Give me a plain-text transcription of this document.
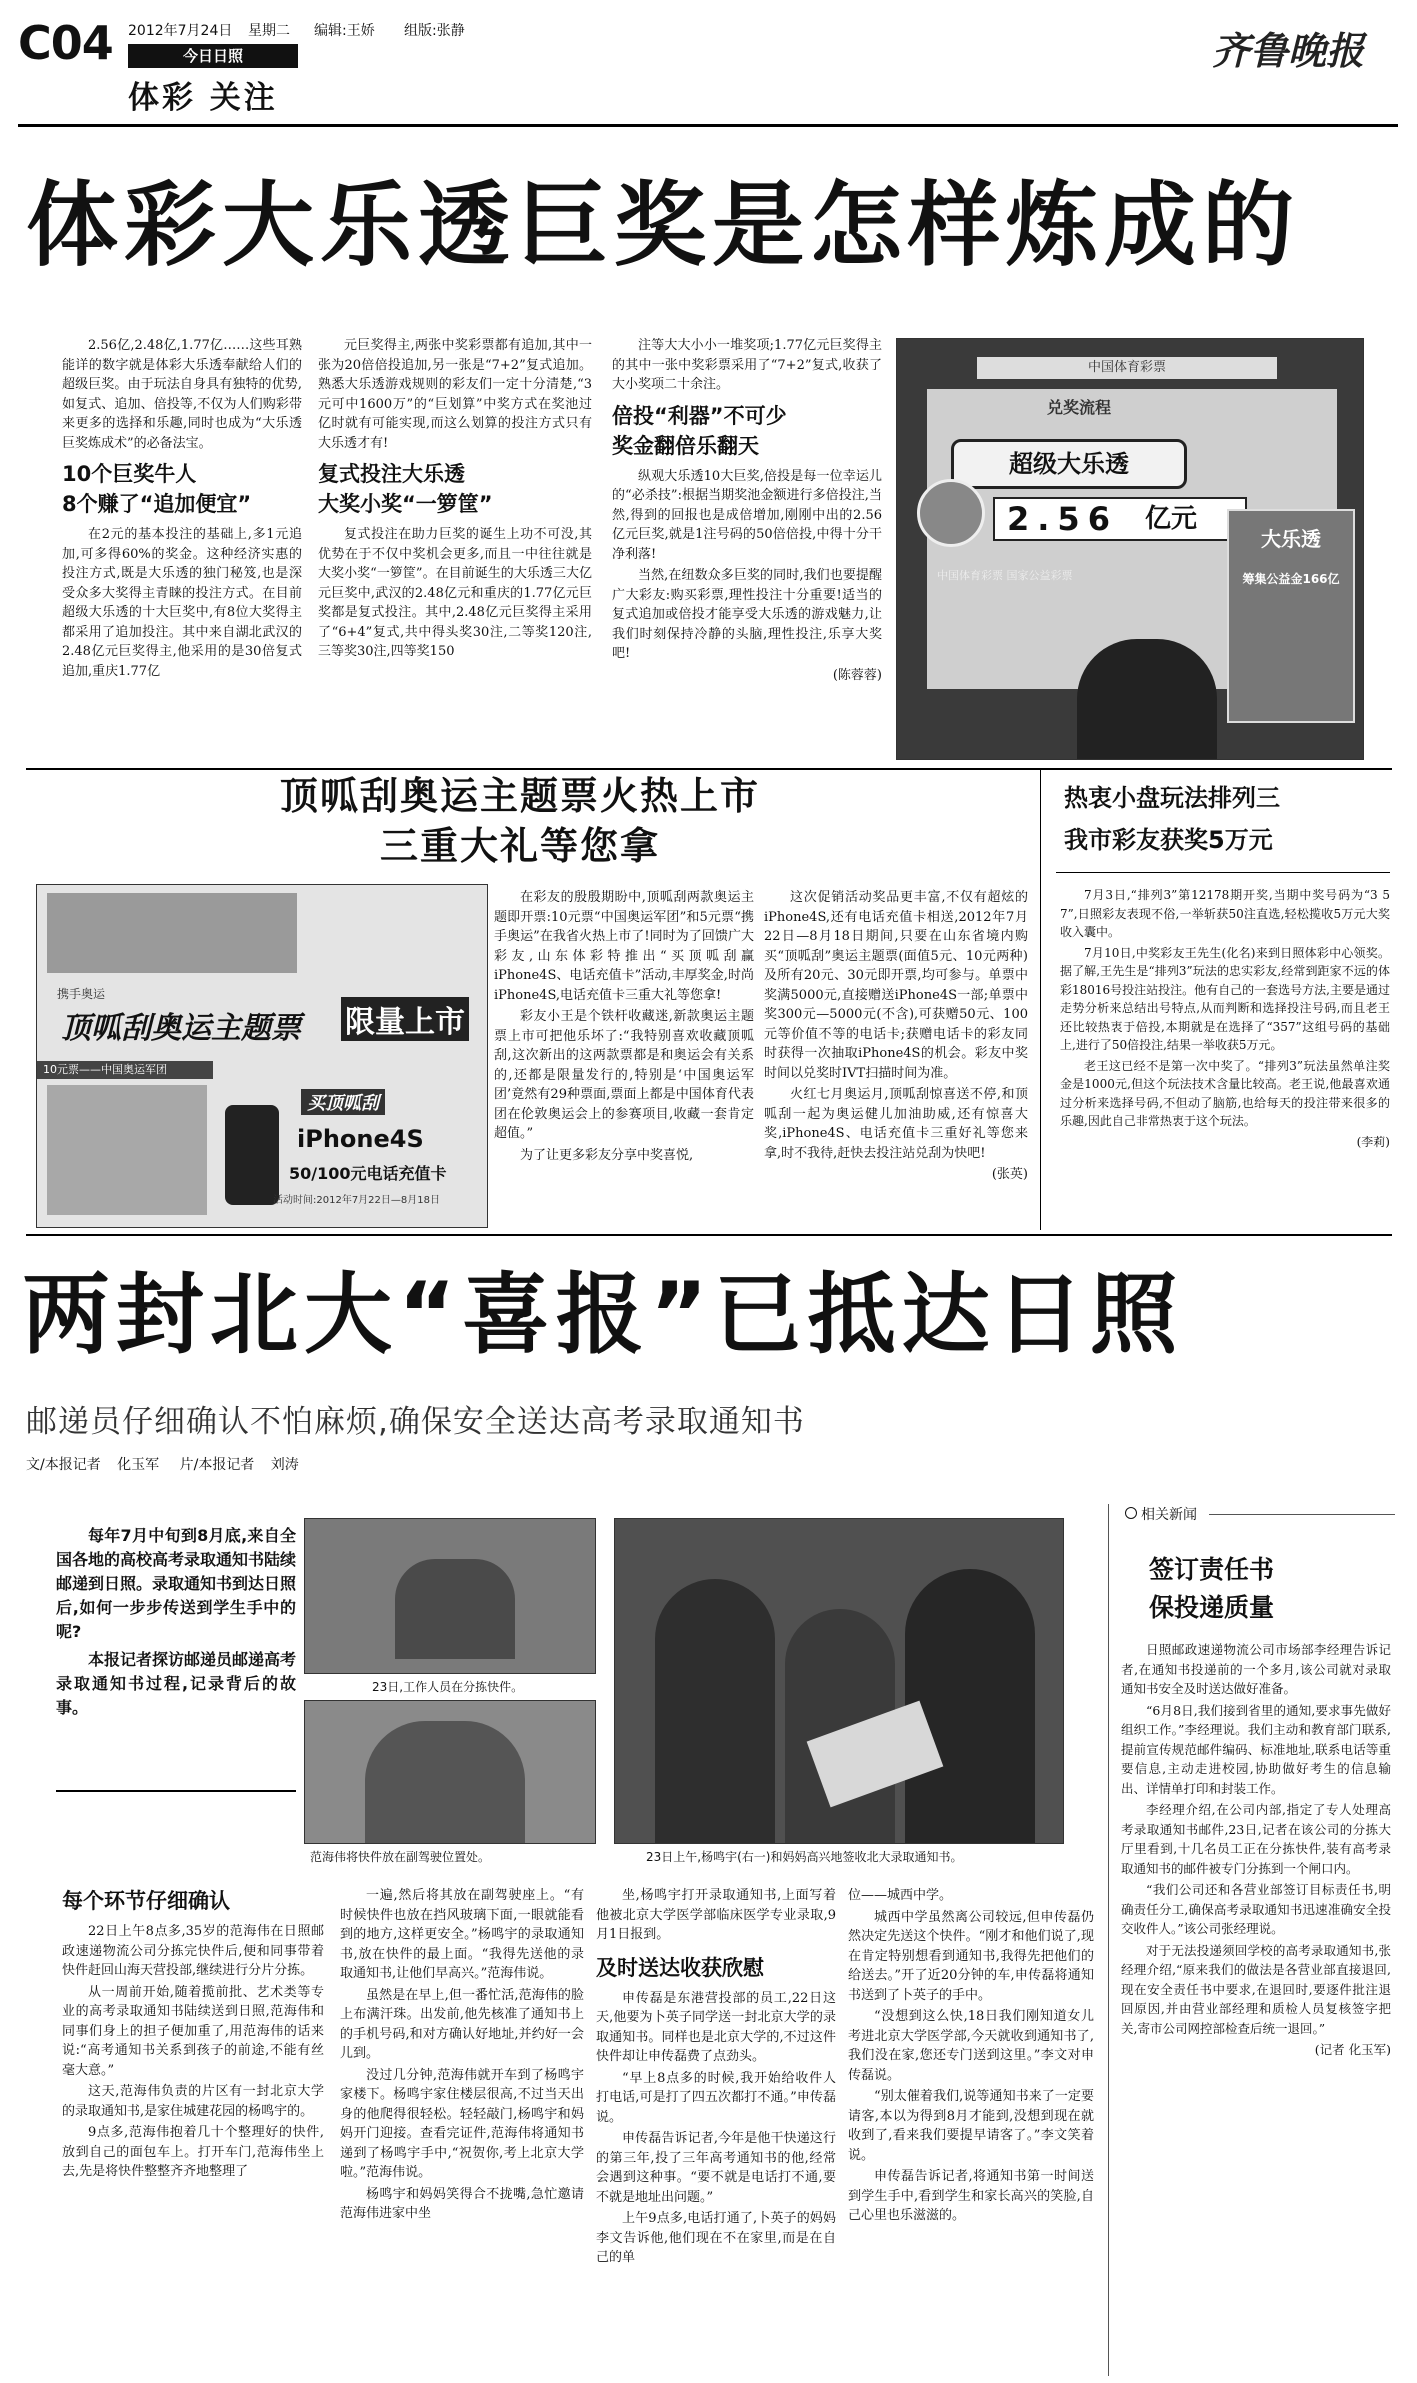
C04 2012年7月24日 星期二 编辑:王娇 组版:张静
今日日照
体彩 关注
齐鲁晚报
体彩大乐透巨奖是怎样炼成的

2.56亿,2.48亿,1.77亿……这些耳熟能详的数字就是体彩大乐透奉献给人们的超级巨奖。由于玩法自身具有独特的优势,如复式、追加、倍投等,不仅为人们购彩带来更多的选择和乐趣,同时也成为“大乐透巨奖炼成术”的必备法宝。

10个巨奖牛人
8个赚了“追加便宜”

在2元的基本投注的基础上,多1元追加,可多得60%的奖金。这种经济实惠的投注方式,既是大乐透的独门秘笈,也是深受众多大奖得主青睐的投注方式。在目前超级大乐透的十大巨奖中,有8位大奖得主都采用了追加投注。其中来自湖北武汉的2.48亿元巨奖得主,他采用的是30倍复式追加,重庆1.77亿

元巨奖得主,两张中奖彩票都有追加,其中一张为20倍倍投追加,另一张是“7+2”复式追加。熟悉大乐透游戏规则的彩友们一定十分清楚,“3元可中1600万”的“巨划算”中奖方式在奖池过亿时就有可能实现,而这么划算的投注方式只有大乐透才有!

复式投注大乐透
大奖小奖“一箩筐”

复式投注在助力巨奖的诞生上功不可没,其优势在于不仅中奖机会更多,而且一中往往就是大奖小奖“一箩筐”。在目前诞生的大乐透三大亿元巨奖中,武汉的2.48亿元和重庆的1.77亿元巨奖都是复式投注。其中,2.48亿元巨奖得主采用了“6+4”复式,共中得头奖30注,二等奖120注,三等奖30注,四等奖150

注等大大小小一堆奖项;1.77亿元巨奖得主的其中一张中奖彩票采用了“7+2”复式,收获了大小奖项二十余注。

倍投“利器”不可少
奖金翻倍乐翻天

纵观大乐透10大巨奖,倍投是每一位幸运儿的“必杀技”:根据当期奖池金额进行多倍投注,当然,得到的回报也是成倍增加,刚刚中出的2.56亿元巨奖,就是1注号码的50倍倍投,中得十分干净利落!

当然,在纽数众多巨奖的同时,我们也要提醒广大彩友:购买彩票,理性投注十分重要!适当的复式追加或倍投才能享受大乐透的游戏魅力,让我们时刻保持冷静的头脑,理性投注,乐享大奖吧!

(陈蓉蓉)
中国体育彩票
兑奖流程
超级大乐透
2.56 亿元
大乐透
筹集公益金166亿
中国体育彩票 国家公益彩票
顶呱刮奥运主题票火热上市
三重大礼等您拿
携手奥运
顶呱刮奥运主题票 限量上市
10元票——中国奥运军团
买顶呱刮
iPhone4S
50/100元电话充值卡
活动时间:2012年7月22日—8月18日

在彩友的殷殷期盼中,顶呱刮两款奥运主题即开票:10元票“中国奥运军团”和5元票“携手奥运”在我省火热上市了!同时为了回馈广大彩友,山东体彩特推出“买顶呱刮赢iPhone4S、电话充值卡”活动,丰厚奖金,时尚iPhone4S,电话充值卡三重大礼等您拿!

彩友小王是个铁杆收藏迷,新款奥运主题票上市可把他乐坏了:“我特别喜欢收藏顶呱刮,这次新出的这两款票都是和奥运会有关系的,还都是限量发行的,特别是‘中国奥运军团’竟然有29种票面,票面上都是中国体育代表团在伦敦奥运会上的参赛项目,收藏一套肯定超值。”

为了让更多彩友分享中奖喜悦,

这次促销活动奖品更丰富,不仅有超炫的iPhone4S,还有电话充值卡相送,2012年7月22日—8月18日期间,只要在山东省境内购买“顶呱刮”奥运主题票(面值5元、10元两种)及所有20元、30元即开票,均可参与。单票中奖满5000元,直接赠送iPhone4S一部;单票中奖300元—5000元(不含),可获赠50元、100元等价值不等的电话卡;获赠电话卡的彩友同时获得一次抽取iPhone4S的机会。彩友中奖时间以兑奖时IVT扫描时间为准。

火红七月奥运月,顶呱刮惊喜送不停,和顶呱刮一起为奥运健儿加油助威,还有惊喜大奖,iPhone4S、电话充值卡三重好礼等您来拿,时不我待,赶快去投注站兑刮为快吧!

(张英)
热衷小盘玩法排列三
我市彩友获奖5万元

7月3日,“排列3”第12178期开奖,当期中奖号码为“3 5 7”,日照彩友表现不俗,一举斩获50注直选,轻松揽收5万元大奖收入囊中。

7月10日,中奖彩友王先生(化名)来到日照体彩中心领奖。据了解,王先生是“排列3”玩法的忠实彩友,经常到距家不远的体彩18016号投注站投注。他有自己的一套选号方法,主要是通过走势分析来总结出号特点,从而判断和选择投注号码,而且老王还比较热衷于倍投,本期就是在选择了“357”这组号码的基础上,进行了50倍投注,结果一举收获5万元。

老王这已经不是第一次中奖了。“排列3”玩法虽然单注奖金是1000元,但这个玩法技术含量比较高。老王说,他最喜欢通过分析来选择号码,不但动了脑筋,也给每天的投注带来很多的乐趣,因此自己非常热衷于这个玩法。

(李莉)
两封北大“喜报”已抵达日照
邮递员仔细确认不怕麻烦,确保安全送达高考录取通知书
文/本报记者 化玉军 片/本报记者 刘涛

每年7月中旬到8月底,来自全国各地的高校高考录取通知书陆续邮递到日照。录取通知书到达日照后,如何一步步传送到学生手中的呢?

本报记者探访邮递员邮递高考录取通知书过程,记录背后的故事。

23日,工作人员在分拣快件。
范海伟将快件放在副驾驶位置处。	23日上午,杨鸣宇(右一)和妈妈高兴地签收北大录取通知书。
每个环节仔细确认

22日上午8点多,35岁的范海伟在日照邮政速递物流公司分拣完快件后,便和同事带着快件赶回山海天营投部,继续进行分片分拣。

从一周前开始,随着揽前批、艺术类等专业的高考录取通知书陆续送到日照,范海伟和同事们身上的担子便加重了,用范海伟的话来说:“高考通知书关系到孩子的前途,不能有丝毫大意。”

这天,范海伟负责的片区有一封北京大学的录取通知书,是家住城建花园的杨鸣宇的。

9点多,范海伟抱着几十个整理好的快件,放到自己的面包车上。打开车门,范海伟坐上去,先是将快件整整齐齐地整理了

一遍,然后将其放在副驾驶座上。“有时候快件也放在挡风玻璃下面,一眼就能看到的地方,这样更安全。”杨鸣宇的录取通知书,放在快件的最上面。“我得先送他的录取通知书,让他们早高兴。”范海伟说。

虽然是在早上,但一番忙活,范海伟的脸上布满汗珠。出发前,他先核准了通知书上的手机号码,和对方确认好地址,并约好一会儿到。

没过几分钟,范海伟就开车到了杨鸣宇家楼下。杨鸣宇家住楼层很高,不过当天出身的他爬得很轻松。轻轻敲门,杨鸣宇和妈妈开门迎接。查看完证件,范海伟将通知书递到了杨鸣宇手中,“祝贺你,考上北京大学啦。”范海伟说。

杨鸣宇和妈妈笑得合不拢嘴,急忙邀请范海伟进家中坐

坐,杨鸣宇打开录取通知书,上面写着他被北京大学医学部临床医学专业录取,9月1日报到。

及时送达收获欣慰

申传磊是东港营投部的员工,22日这天,他要为卜英子同学送一封北京大学的录取通知书。同样也是北京大学的,不过这件快件却让申传磊费了点劲头。

“早上8点多的时候,我开始给收件人打电话,可是打了四五次都打不通。”申传磊说。

申传磊告诉记者,今年是他干快递这行的第三年,投了三年高考通知书的他,经常会遇到这种事。“要不就是电话打不通,要不就是地址出问题。”

上午9点多,电话打通了,卜英子的妈妈李文告诉他,他们现在不在家里,而是在自己的单

位——城西中学。

城西中学虽然离公司较远,但申传磊仍然决定先送这个快件。“刚才和他们说了,现在肯定特别想看到通知书,我得先把他们的给送去。”开了近20分钟的车,申传磊将通知书送到了卜英子的手中。

“没想到这么快,18日我们刚知道女儿考进北京大学医学部,今天就收到通知书了,我们没在家,您还专门送到这里。”李文对申传磊说。

“别太催着我们,说等通知书来了一定要请客,本以为得到8月才能到,没想到现在就收到了,看来我们要提早请客了。”李文笑着说。

申传磊告诉记者,将通知书第一时间送到学生手中,看到学生和家长高兴的笑脸,自己心里也乐滋滋的。

相关新闻
签订责任书
保投递质量

日照邮政速递物流公司市场部李经理告诉记者,在通知书投递前的一个多月,该公司就对录取通知书安全及时送达做好准备。

“6月8日,我们接到省里的通知,要求事先做好组织工作。”李经理说。我们主动和教育部门联系,提前宣传规范邮件编码、标准地址,联系电话等重要信息,主动走进校园,协助做好考生的信息输出、详情单打印和封装工作。

李经理介绍,在公司内部,指定了专人处理高考录取通知书邮件,23日,记者在该公司的分拣大厅里看到,十几名员工正在分拣快件,装有高考录取通知书的邮件被专门分拣到一个闸口内。

“我们公司还和各营业部签订目标责任书,明确责任分工,确保高考录取通知书迅速准确安全投交收件人。”该公司张经理说。

对于无法投递须回学校的高考录取通知书,张经理介绍,“原来我们的做法是各营业部直接退回,现在安全责任书中要求,在退回时,要逐件批注退回原因,并由营业部经理和质检人员复核签字把关,寄市公司网控部检查后统一退回。”

(记者 化玉军)
